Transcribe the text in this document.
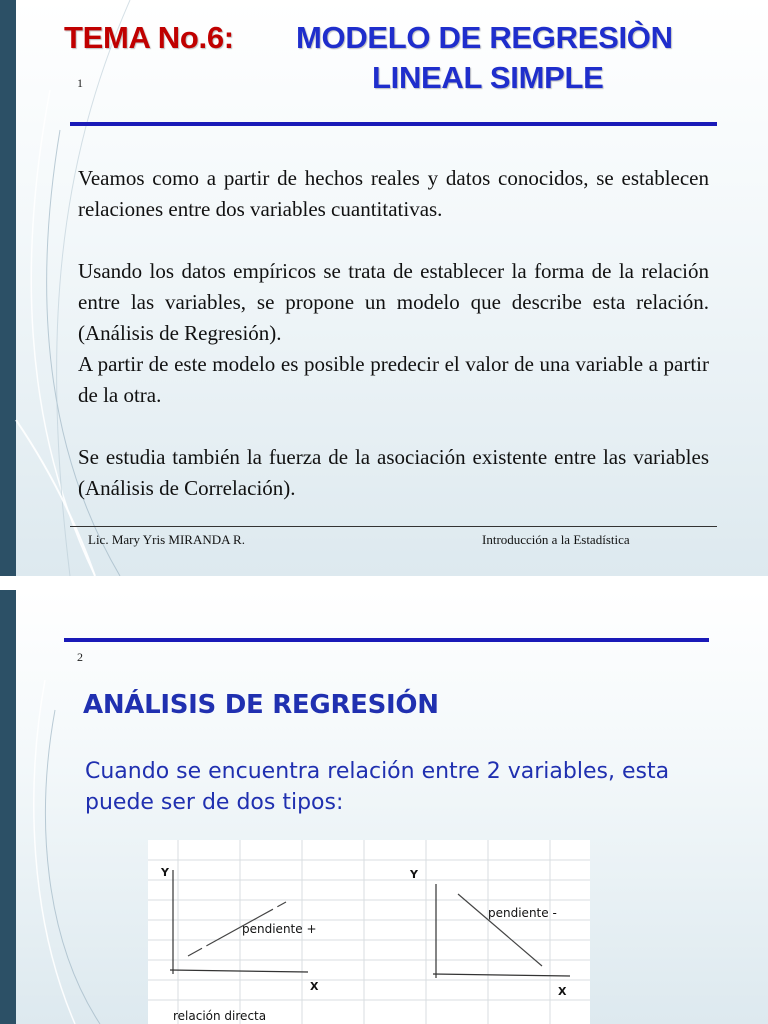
TEMA No.6: MODELO DE REGRESIÒN
LINEAL SIMPLE
1

Veamos como a partir de hechos reales y datos conocidos, se establecen relaciones entre dos variables cuantitativas.

Usando los datos empíricos se trata de establecer la forma de la relación entre las variables, se propone un modelo que describe esta relación. (Análisis de Regresión).

A partir de este modelo es posible predecir el valor de una variable a partir de la otra.

Se estudia también la fuerza de la asociación existente entre las variables (Análisis de Correlación).

Lic. Mary Yris MIRANDA R.	Introducción a la Estadística
2
ANÁLISIS DE REGRESIÓN
Cuando se encuentra relación entre 2 variables, esta puede ser de dos tipos:
Y
X
pendiente +
relación directa
Y
X
pendiente -
